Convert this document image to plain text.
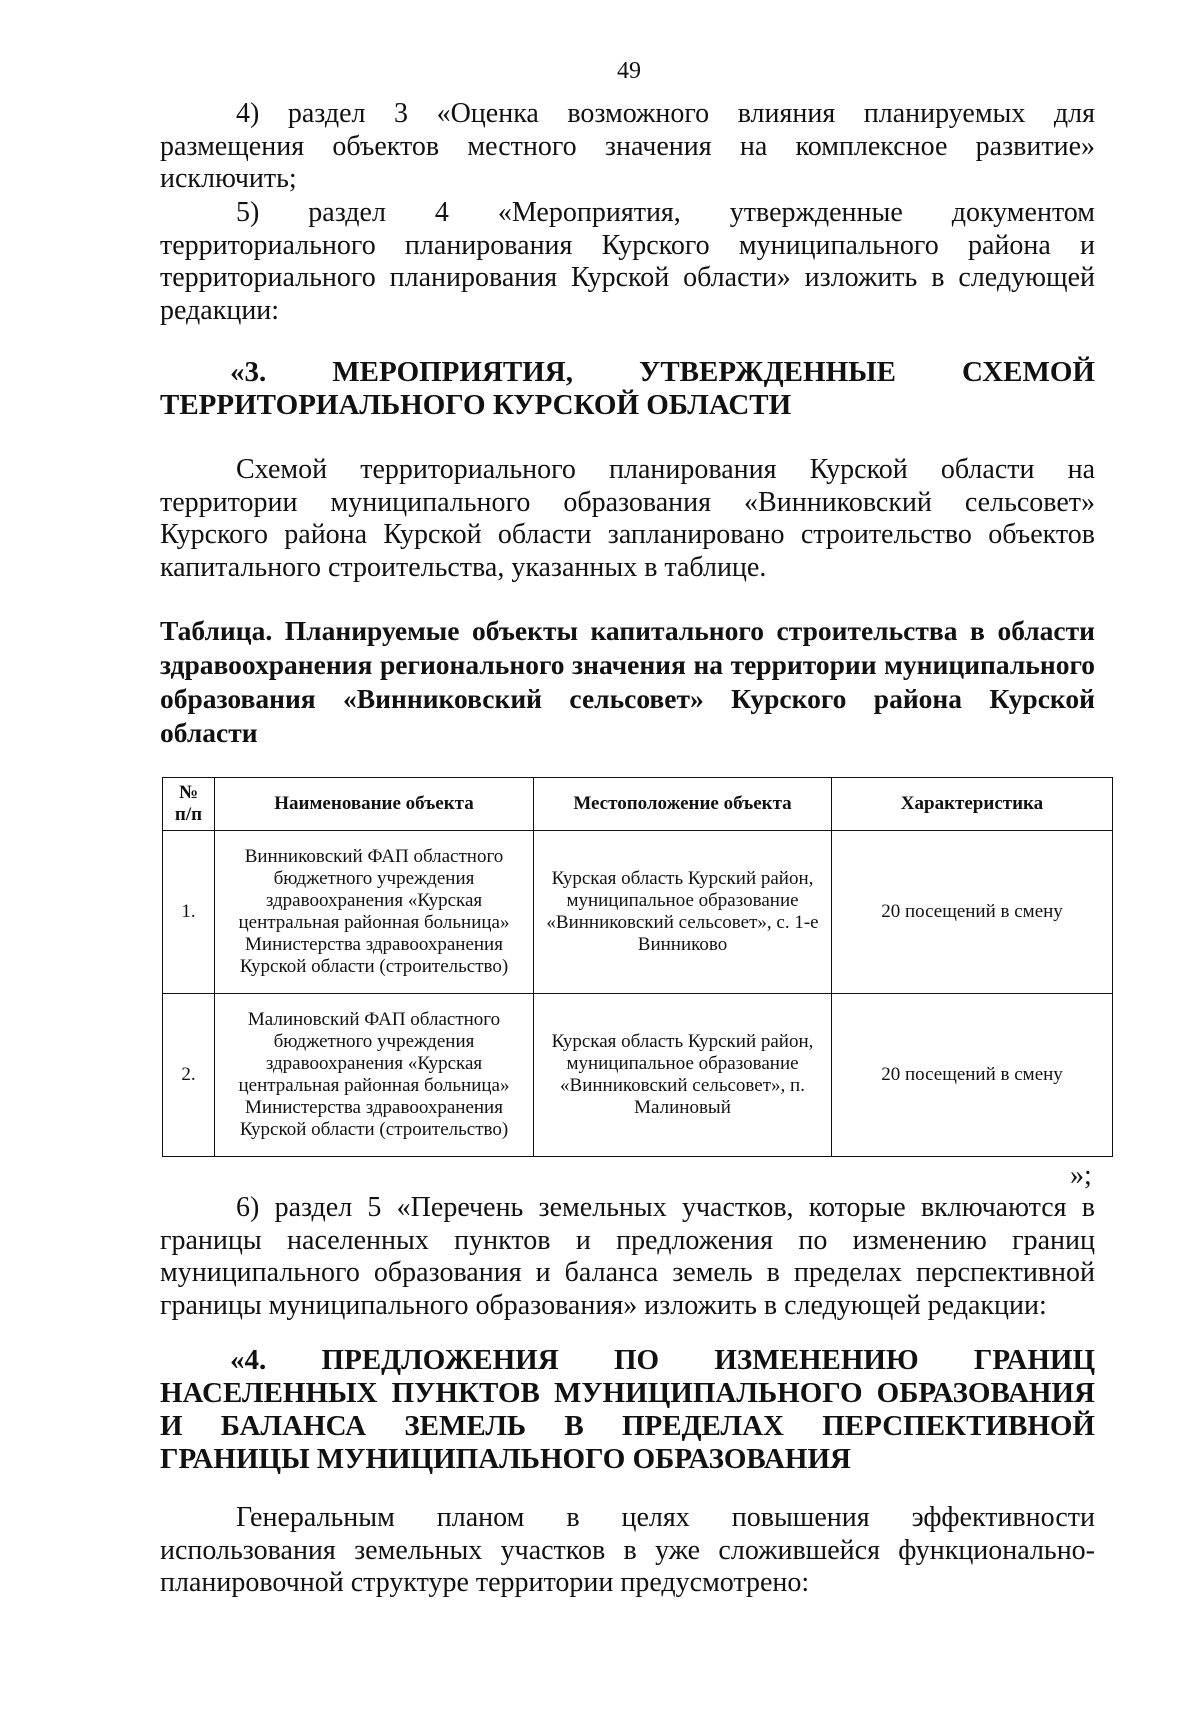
49

4) раздел 3 «Оценка возможного влияния планируемых для размещения объектов местного значения на комплексное развитие» исключить;

5) раздел 4 «Мероприятия, утвержденные документом территориального планирования Курского муниципального района и территориального планирования Курской области» изложить в следующей редакции:

«3. МЕРОПРИЯТИЯ, УТВЕРЖДЕННЫЕ СХЕМОЙ ТЕРРИТОРИАЛЬНОГО КУРСКОЙ ОБЛАСТИ

Схемой территориального планирования Курской области на территории муниципального образования «Винниковский сельсовет» Курского района Курской области запланировано строительство объектов капитального строительства, указанных в таблице.

Таблица. Планируемые объекты капитального строительства в области здравоохранения регионального значения на территории муниципального образования «Винниковский сельсовет» Курского района Курской области

№ п/п	Наименование объекта	Местоположение объекта	Характеристика
1.	Винниковский ФАП областного бюджетного учреждения здравоохранения «Курская центральная районная больница» Министерства здравоохранения Курской области (строительство)	Курская область Курский район, муниципальное образование «Винниковский сельсовет», с. 1-е Винниково	20 посещений в смену
2.	Малиновский ФАП областного бюджетного учреждения здравоохранения «Курская центральная районная больница» Министерства здравоохранения Курской области (строительство)	Курская область Курский район, муниципальное образование «Винниковский сельсовет», п. Малиновый	20 посещений в смену
»;

6) раздел 5 «Перечень земельных участков, которые включаются в границы населенных пунктов и предложения по изменению границ муниципального образования и баланса земель в пределах перспективной границы муниципального образования» изложить в следующей редакции:

«4. ПРЕДЛОЖЕНИЯ ПО ИЗМЕНЕНИЮ ГРАНИЦ НАСЕЛЕННЫХ ПУНКТОВ МУНИЦИПАЛЬНОГО ОБРАЗОВАНИЯ И БАЛАНСА ЗЕМЕЛЬ В ПРЕДЕЛАХ ПЕРСПЕКТИВНОЙ ГРАНИЦЫ МУНИЦИПАЛЬНОГО ОБРАЗОВАНИЯ

Генеральным планом в целях повышения эффективности использования земельных участков в уже сложившейся функционально-планировочной структуре территории предусмотрено:
